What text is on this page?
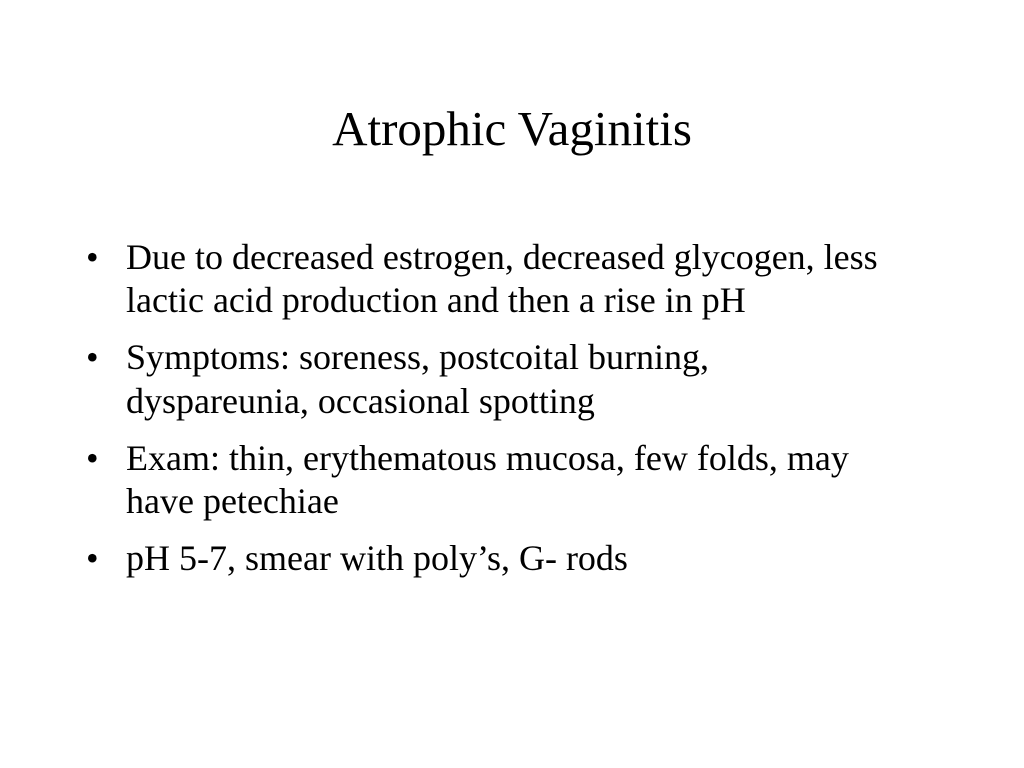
Atrophic Vaginitis
• Due to decreased estrogen, decreased glycogen, less lactic acid production and then a rise in pH
• Symptoms: soreness, postcoital burning, dyspareunia, occasional spotting
• Exam: thin, erythematous mucosa, few folds, may have petechiae
• pH 5-7, smear with poly’s, G- rods
